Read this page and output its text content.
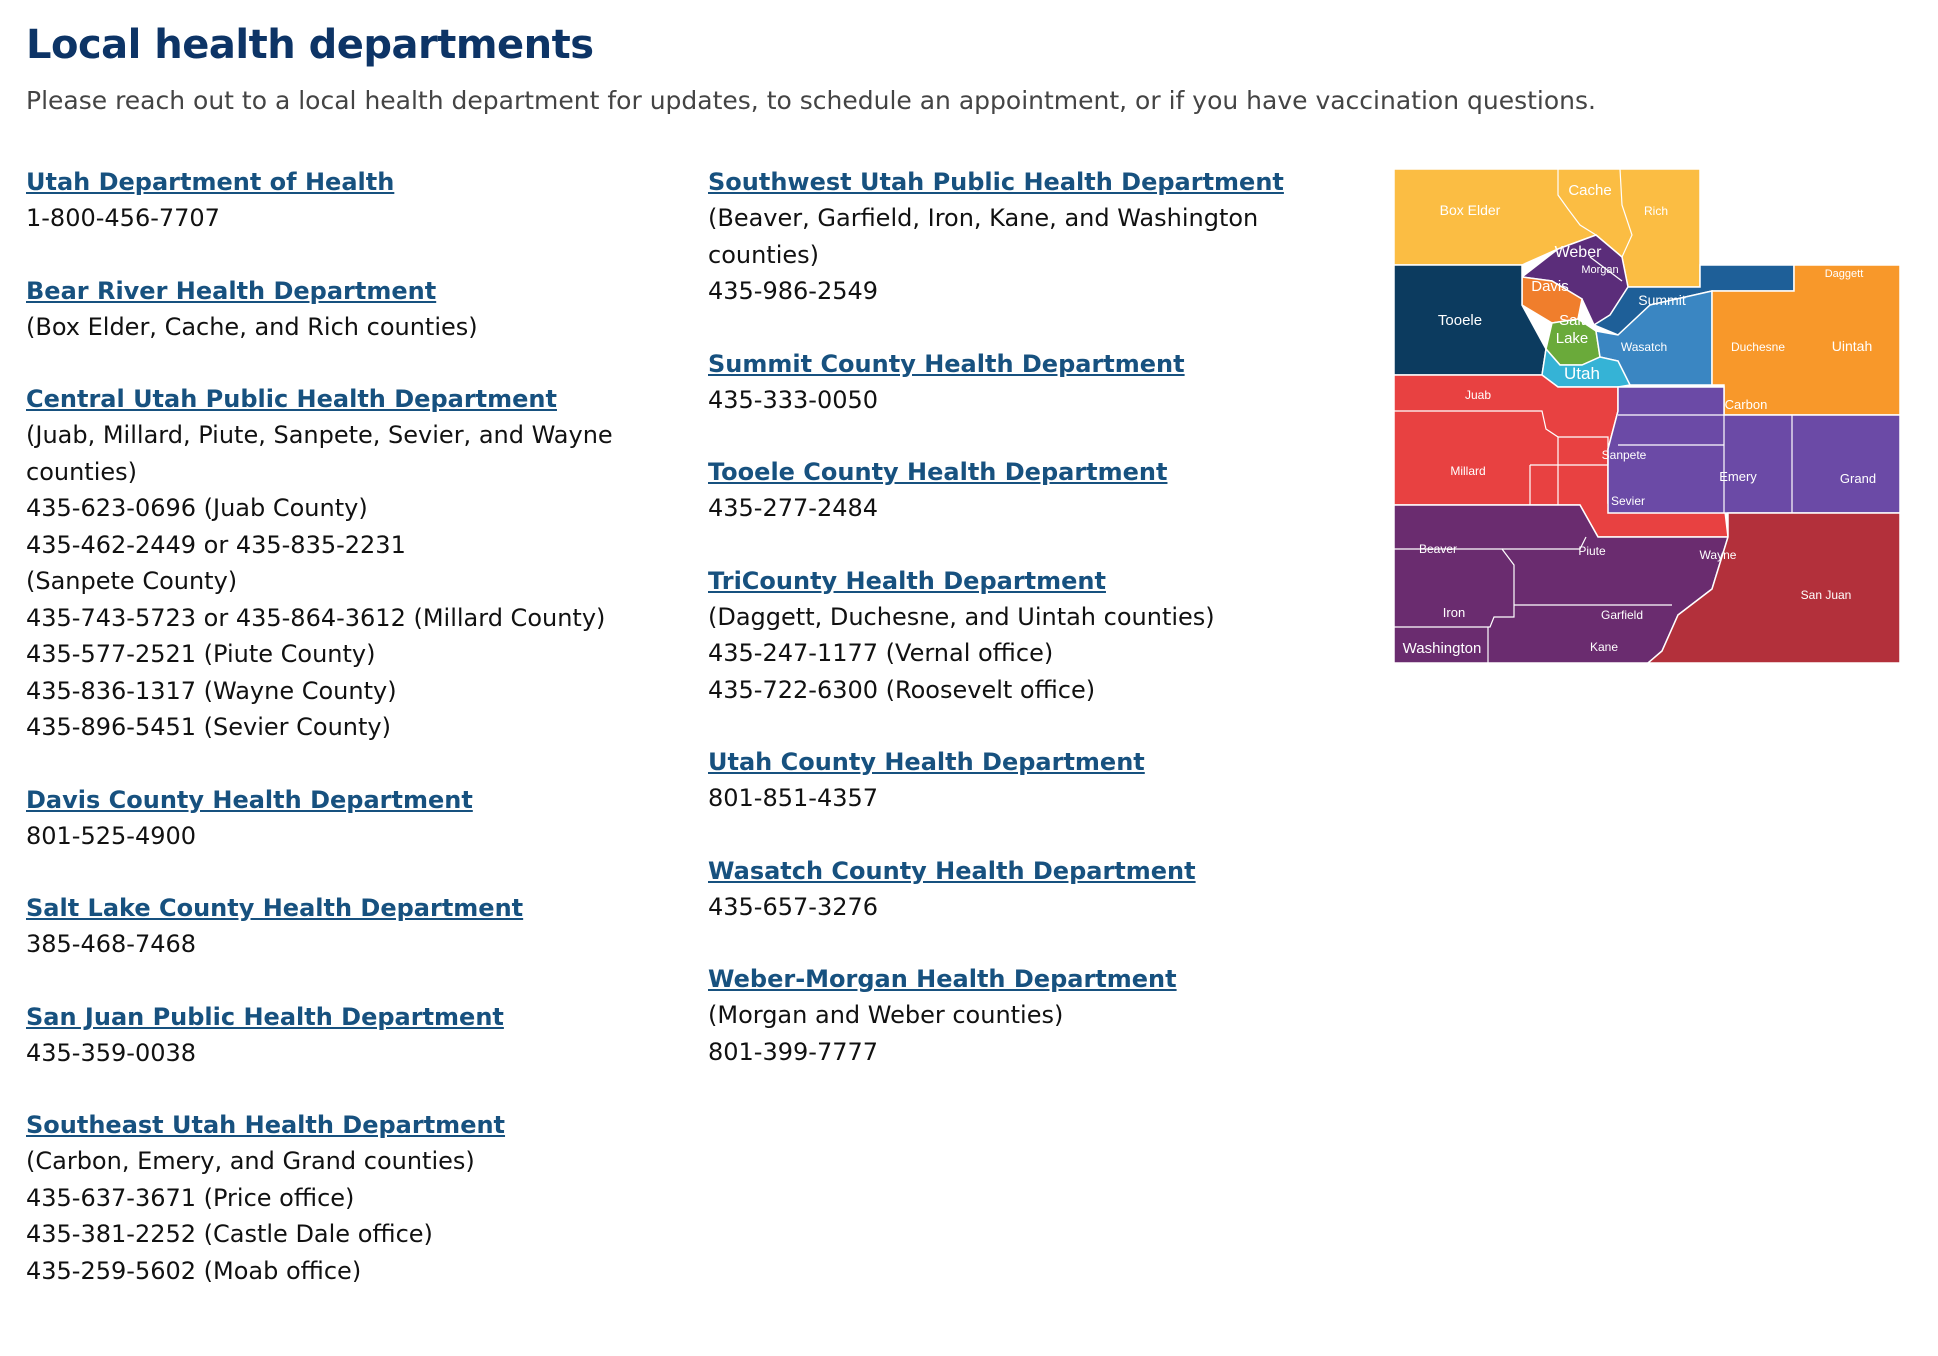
Local health departments

Please reach out to a local health department for updates, to schedule an appointment, or if you have vaccination questions.

Utah Department of Health
1-800-456-7707
Bear River Health Department
(Box Elder, Cache, and Rich counties)
Central Utah Public Health Department
(Juab, Millard, Piute, Sanpete, Sevier, and Wayne
counties)
435-623-0696 (Juab County)
435-462-2449 or 435-835-2231
(Sanpete County)
435-743-5723 or 435-864-3612 (Millard County)
435-577-2521 (Piute County)
435-836-1317 (Wayne County)
435-896-5451 (Sevier County)
Davis County Health Department
801-525-4900
Salt Lake County Health Department
385-468-7468
San Juan Public Health Department
435-359-0038
Southeast Utah Health Department
(Carbon, Emery, and Grand counties)
435-637-3671 (Price office)
435-381-2252 (Castle Dale office)
435-259-5602 (Moab office)
Southwest Utah Public Health Department
(Beaver, Garfield, Iron, Kane, and Washington
counties)
435-986-2549
Summit County Health Department
435-333-0050
Tooele County Health Department
435-277-2484
TriCounty Health Department
(Daggett, Duchesne, and Uintah counties)
435-247-1177 (Vernal office)
435-722-6300 (Roosevelt office)
Utah County Health Department
801-851-4357
Wasatch County Health Department
435-657-3276
Weber-Morgan Health Department
(Morgan and Weber counties)
801-399-7777
Box Elder
Cache
Rich
Weber
Morgan
Davis
Salt
Lake
Summit
Daggett
Tooele
Wasatch
Utah
Duchesne	Uintah
Juab
Carbon
Sanpete
Millard	Emery	Grand
Sevier
Beaver	Piute	Wayne
Iron	Garfield
San Juan
Washington	Kane
